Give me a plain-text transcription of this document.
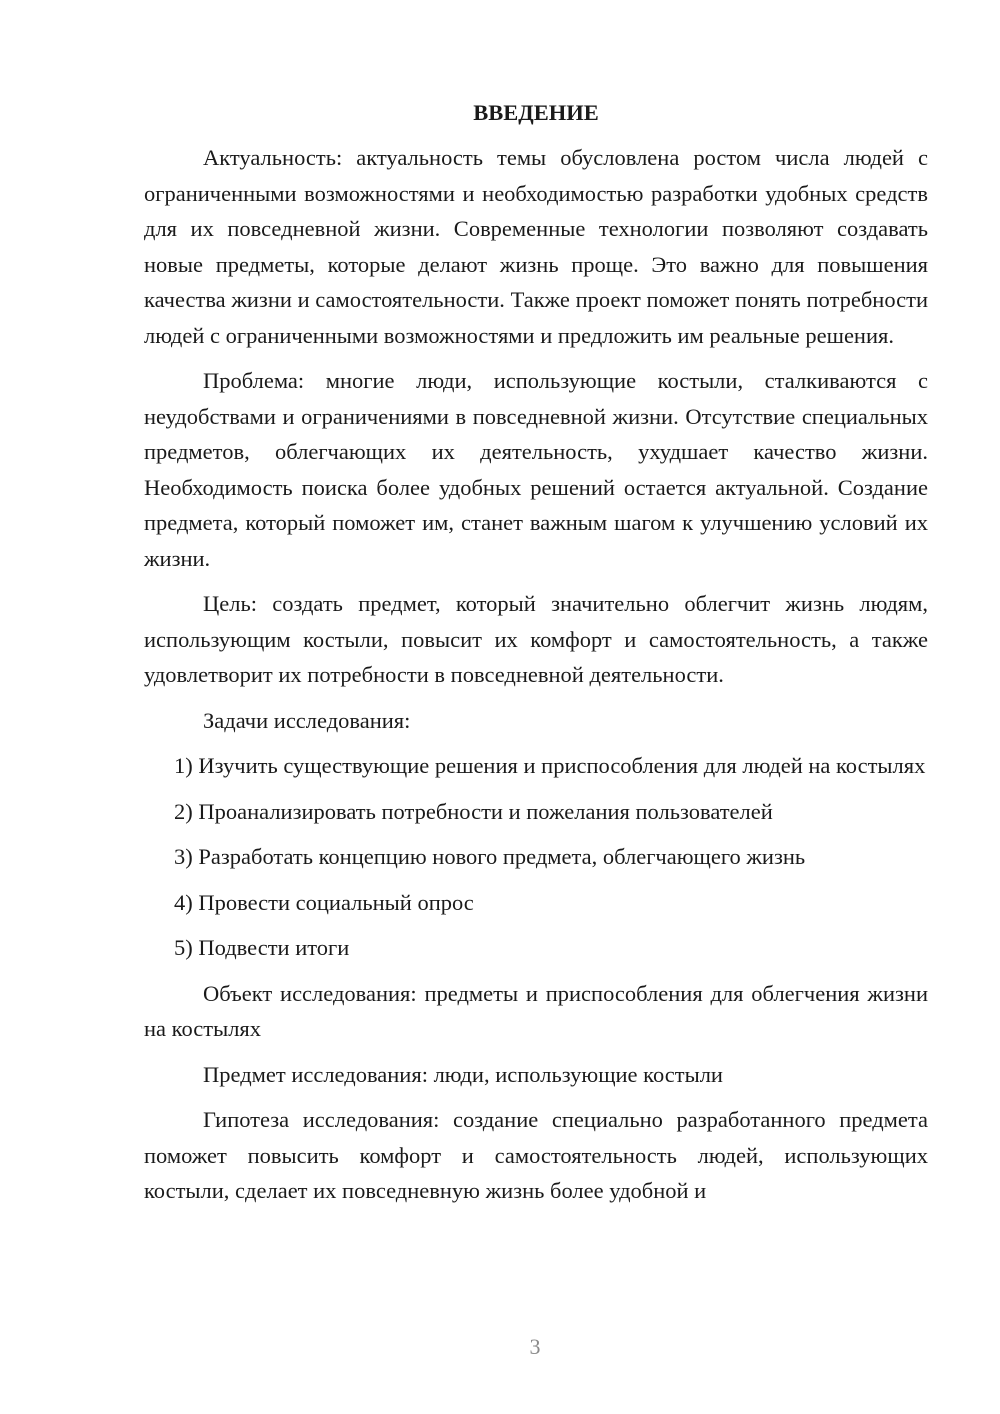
ВВЕДЕНИЕ
Актуальность: актуальность темы обусловлена ростом числа людей с ограниченными возможностями и необходимостью разработки удобных средств для их повседневной жизни. Современные технологии позволяют создавать новые предметы, которые делают жизнь проще. Это важно для повышения качества жизни и самостоятельности. Также проект поможет понять потребности людей с ограниченными возможностями и предложить им реальные решения.
Проблема: многие люди, использующие костыли, сталкиваются с неудобствами и ограничениями в повседневной жизни. Отсутствие специальных предметов, облегчающих их деятельность, ухудшает качество жизни. Необходимость поиска более удобных решений остается актуальной. Создание предмета, который поможет им, станет важным шагом к улучшению условий их жизни.
Цель: создать предмет, который значительно облегчит жизнь людям, использующим костыли, повысит их комфорт и самостоятельность, а также удовлетворит их потребности в повседневной деятельности.
Задачи исследования:
1) Изучить существующие решения и приспособления для людей на костылях
2) Проанализировать потребности и пожелания пользователей
3) Разработать концепцию нового предмета, облегчающего жизнь
4) Провести социальный опрос
5) Подвести итоги
Объект исследования: предметы и приспособления для облегчения жизни на костылях
Предмет исследования: люди, использующие костыли
Гипотеза исследования: создание специально разработанного предмета поможет повысить комфорт и самостоятельность людей, использующих костыли, сделает их повседневную жизнь более удобной и
3
